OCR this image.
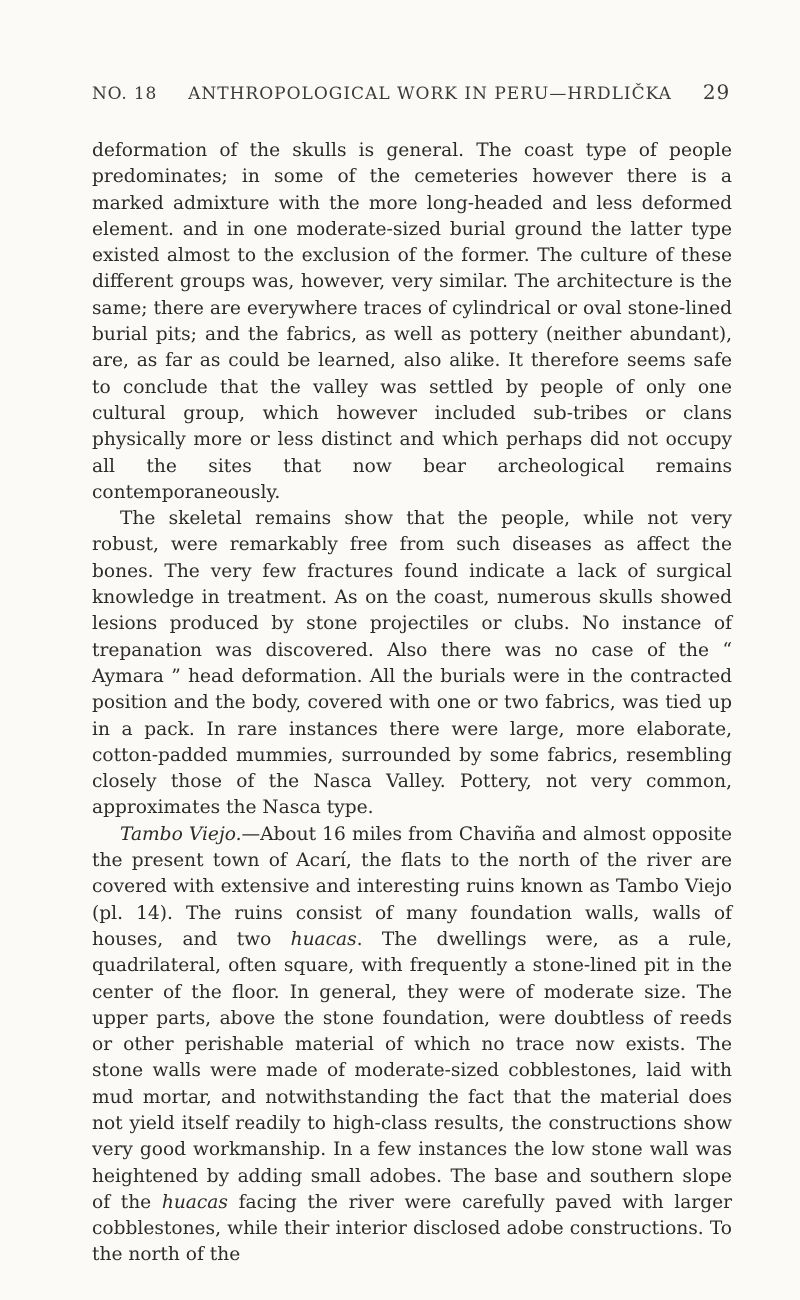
NO. 18 ANTHROPOLOGICAL WORK IN PERU—HRDLIČKA 29

deformation of the skulls is general. The coast type of people predominates; in some of the cemeteries however there is a marked admixture with the more long-headed and less deformed element. and in one moderate-sized burial ground the latter type existed almost to the exclusion of the former. The culture of these different groups was, however, very similar. The architecture is the same; there are everywhere traces of cylindrical or oval stone-lined burial pits; and the fabrics, as well as pottery (neither abundant), are, as far as could be learned, also alike. It therefore seems safe to conclude that the valley was settled by people of only one cultural group, which however included sub-tribes or clans physically more or less distinct and which perhaps did not occupy all the sites that now bear archeological remains contemporaneously.

The skeletal remains show that the people, while not very robust, were remarkably free from such diseases as affect the bones. The very few fractures found indicate a lack of surgical knowledge in treatment. As on the coast, numerous skulls showed lesions produced by stone projectiles or clubs. No instance of trepanation was discovered. Also there was no case of the “ Aymara ” head deformation. All the burials were in the contracted position and the body, covered with one or two fabrics, was tied up in a pack. In rare instances there were large, more elaborate, cotton-padded mummies, surrounded by some fabrics, resembling closely those of the Nasca Valley. Pottery, not very common, approximates the Nasca type.

Tambo Viejo.—About 16 miles from Chaviña and almost opposite the present town of Acarí, the flats to the north of the river are covered with extensive and interesting ruins known as Tambo Viejo (pl. 14). The ruins consist of many foundation walls, walls of houses, and two huacas. The dwellings were, as a rule, quadrilateral, often square, with frequently a stone-lined pit in the center of the floor. In general, they were of moderate size. The upper parts, above the stone foundation, were doubtless of reeds or other perishable material of which no trace now exists. The stone walls were made of moderate-sized cobblestones, laid with mud mortar, and notwithstanding the fact that the material does not yield itself readily to high-class results, the constructions show very good workmanship. In a few instances the low stone wall was heightened by adding small adobes. The base and southern slope of the huacas facing the river were carefully paved with larger cobblestones, while their interior disclosed adobe constructions. To the north of the
